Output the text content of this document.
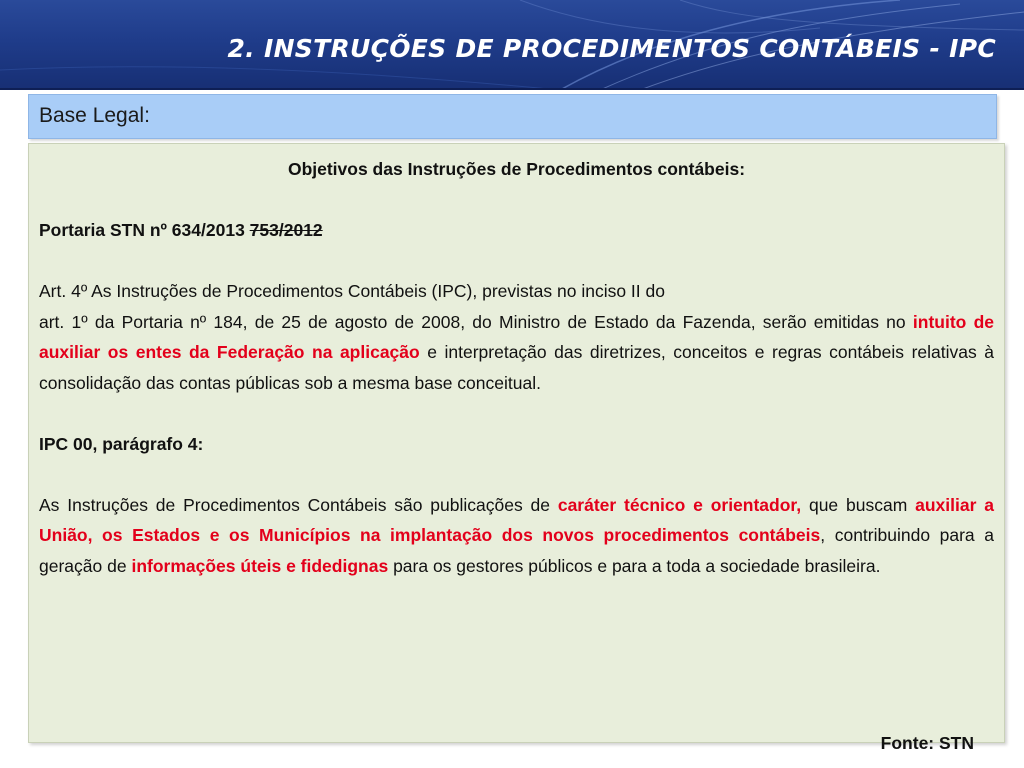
2. INSTRUÇÕES DE PROCEDIMENTOS CONTÁBEIS - IPC
Base Legal:

Objetivos das Instruções de Procedimentos contábeis:

Portaria STN nº 634/2013 753/2012

Art. 4º As Instruções de Procedimentos Contábeis (IPC), previstas no inciso II do

art. 1º da Portaria nº 184, de 25 de agosto de 2008, do Ministro de Estado da Fazenda, serão emitidas no intuito de auxiliar os entes da Federação na aplicação e interpretação das diretrizes, conceitos e regras contábeis relativas à consolidação das contas públicas sob a mesma base conceitual.

IPC 00, parágrafo 4:

As Instruções de Procedimentos Contábeis são publicações de caráter técnico e orientador, que buscam auxiliar a União, os Estados e os Municípios na implantação dos novos procedimentos contábeis, contribuindo para a geração de informações úteis e fidedignas para os gestores públicos e para a toda a sociedade brasileira.

Fonte: STN
